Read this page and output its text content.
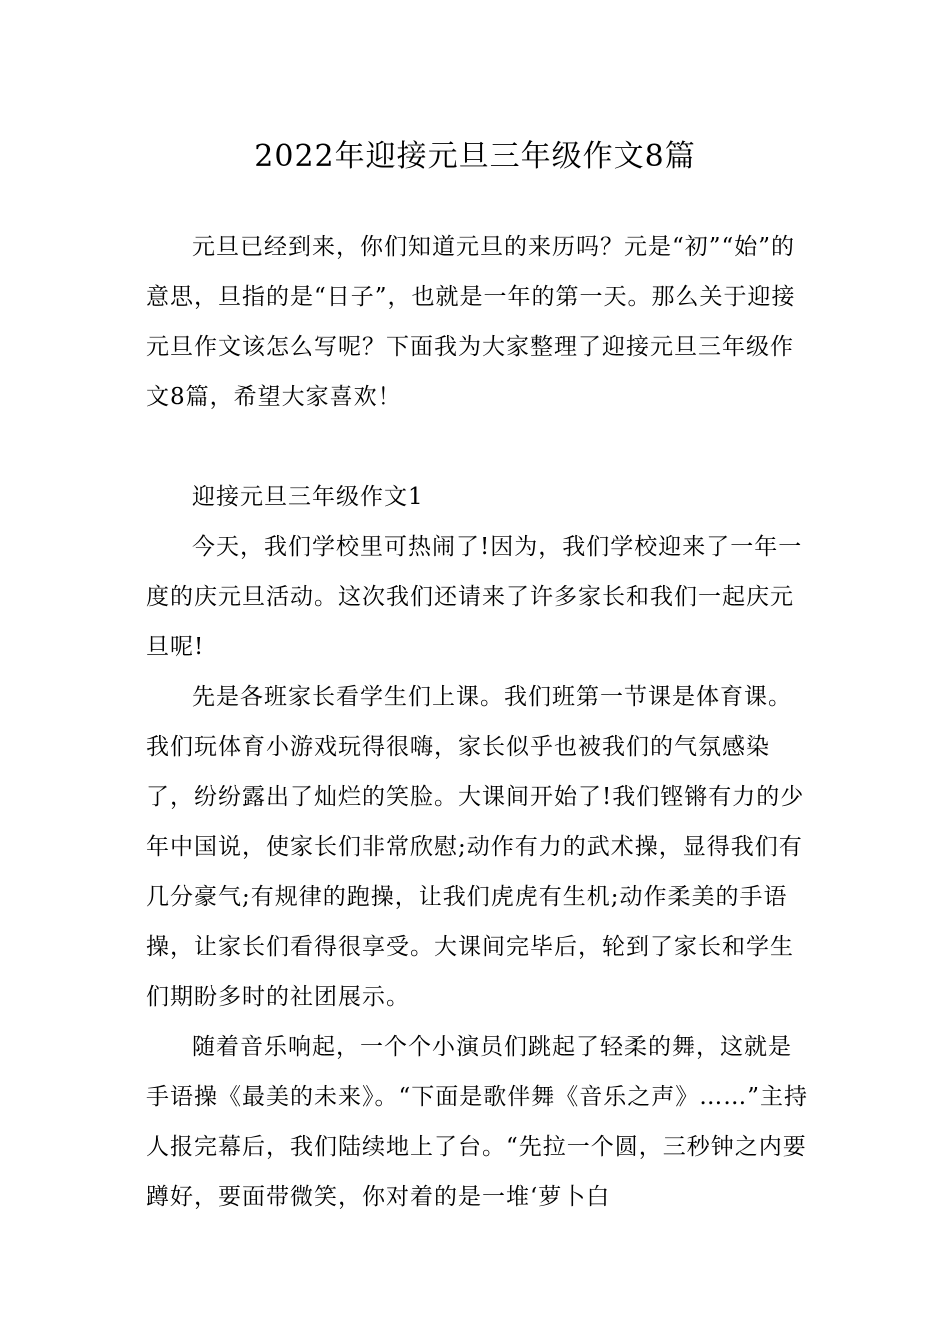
2022年迎接元旦三年级作文8篇

元旦已经到来，你们知道元旦的来历吗？元是“初”“始”的意思，旦指的是“日子”，也就是一年的第一天。那么关于迎接元旦作文该怎么写呢？下面我为大家整理了迎接元旦三年级作文8篇，希望大家喜欢！

迎接元旦三年级作文1

今天，我们学校里可热闹了!因为，我们学校迎来了一年一度的庆元旦活动。这次我们还请来了许多家长和我们一起庆元旦呢!

先是各班家长看学生们上课。我们班第一节课是体育课。我们玩体育小游戏玩得很嗨，家长似乎也被我们的气氛感染了，纷纷露出了灿烂的笑脸。大课间开始了!我们铿锵有力的少年中国说，使家长们非常欣慰;动作有力的武术操，显得我们有几分豪气;有规律的跑操，让我们虎虎有生机;动作柔美的手语操，让家长们看得很享受。大课间完毕后，轮到了家长和学生们期盼多时的社团展示。

随着音乐响起，一个个小演员们跳起了轻柔的舞，这就是手语操《最美的未来》。“下面是歌伴舞《音乐之声》……”主持人报完幕后，我们陆续地上了台。“先拉一个圆，三秒钟之内要蹲好，要面带微笑，你对着的是一堆‘萝卜白
